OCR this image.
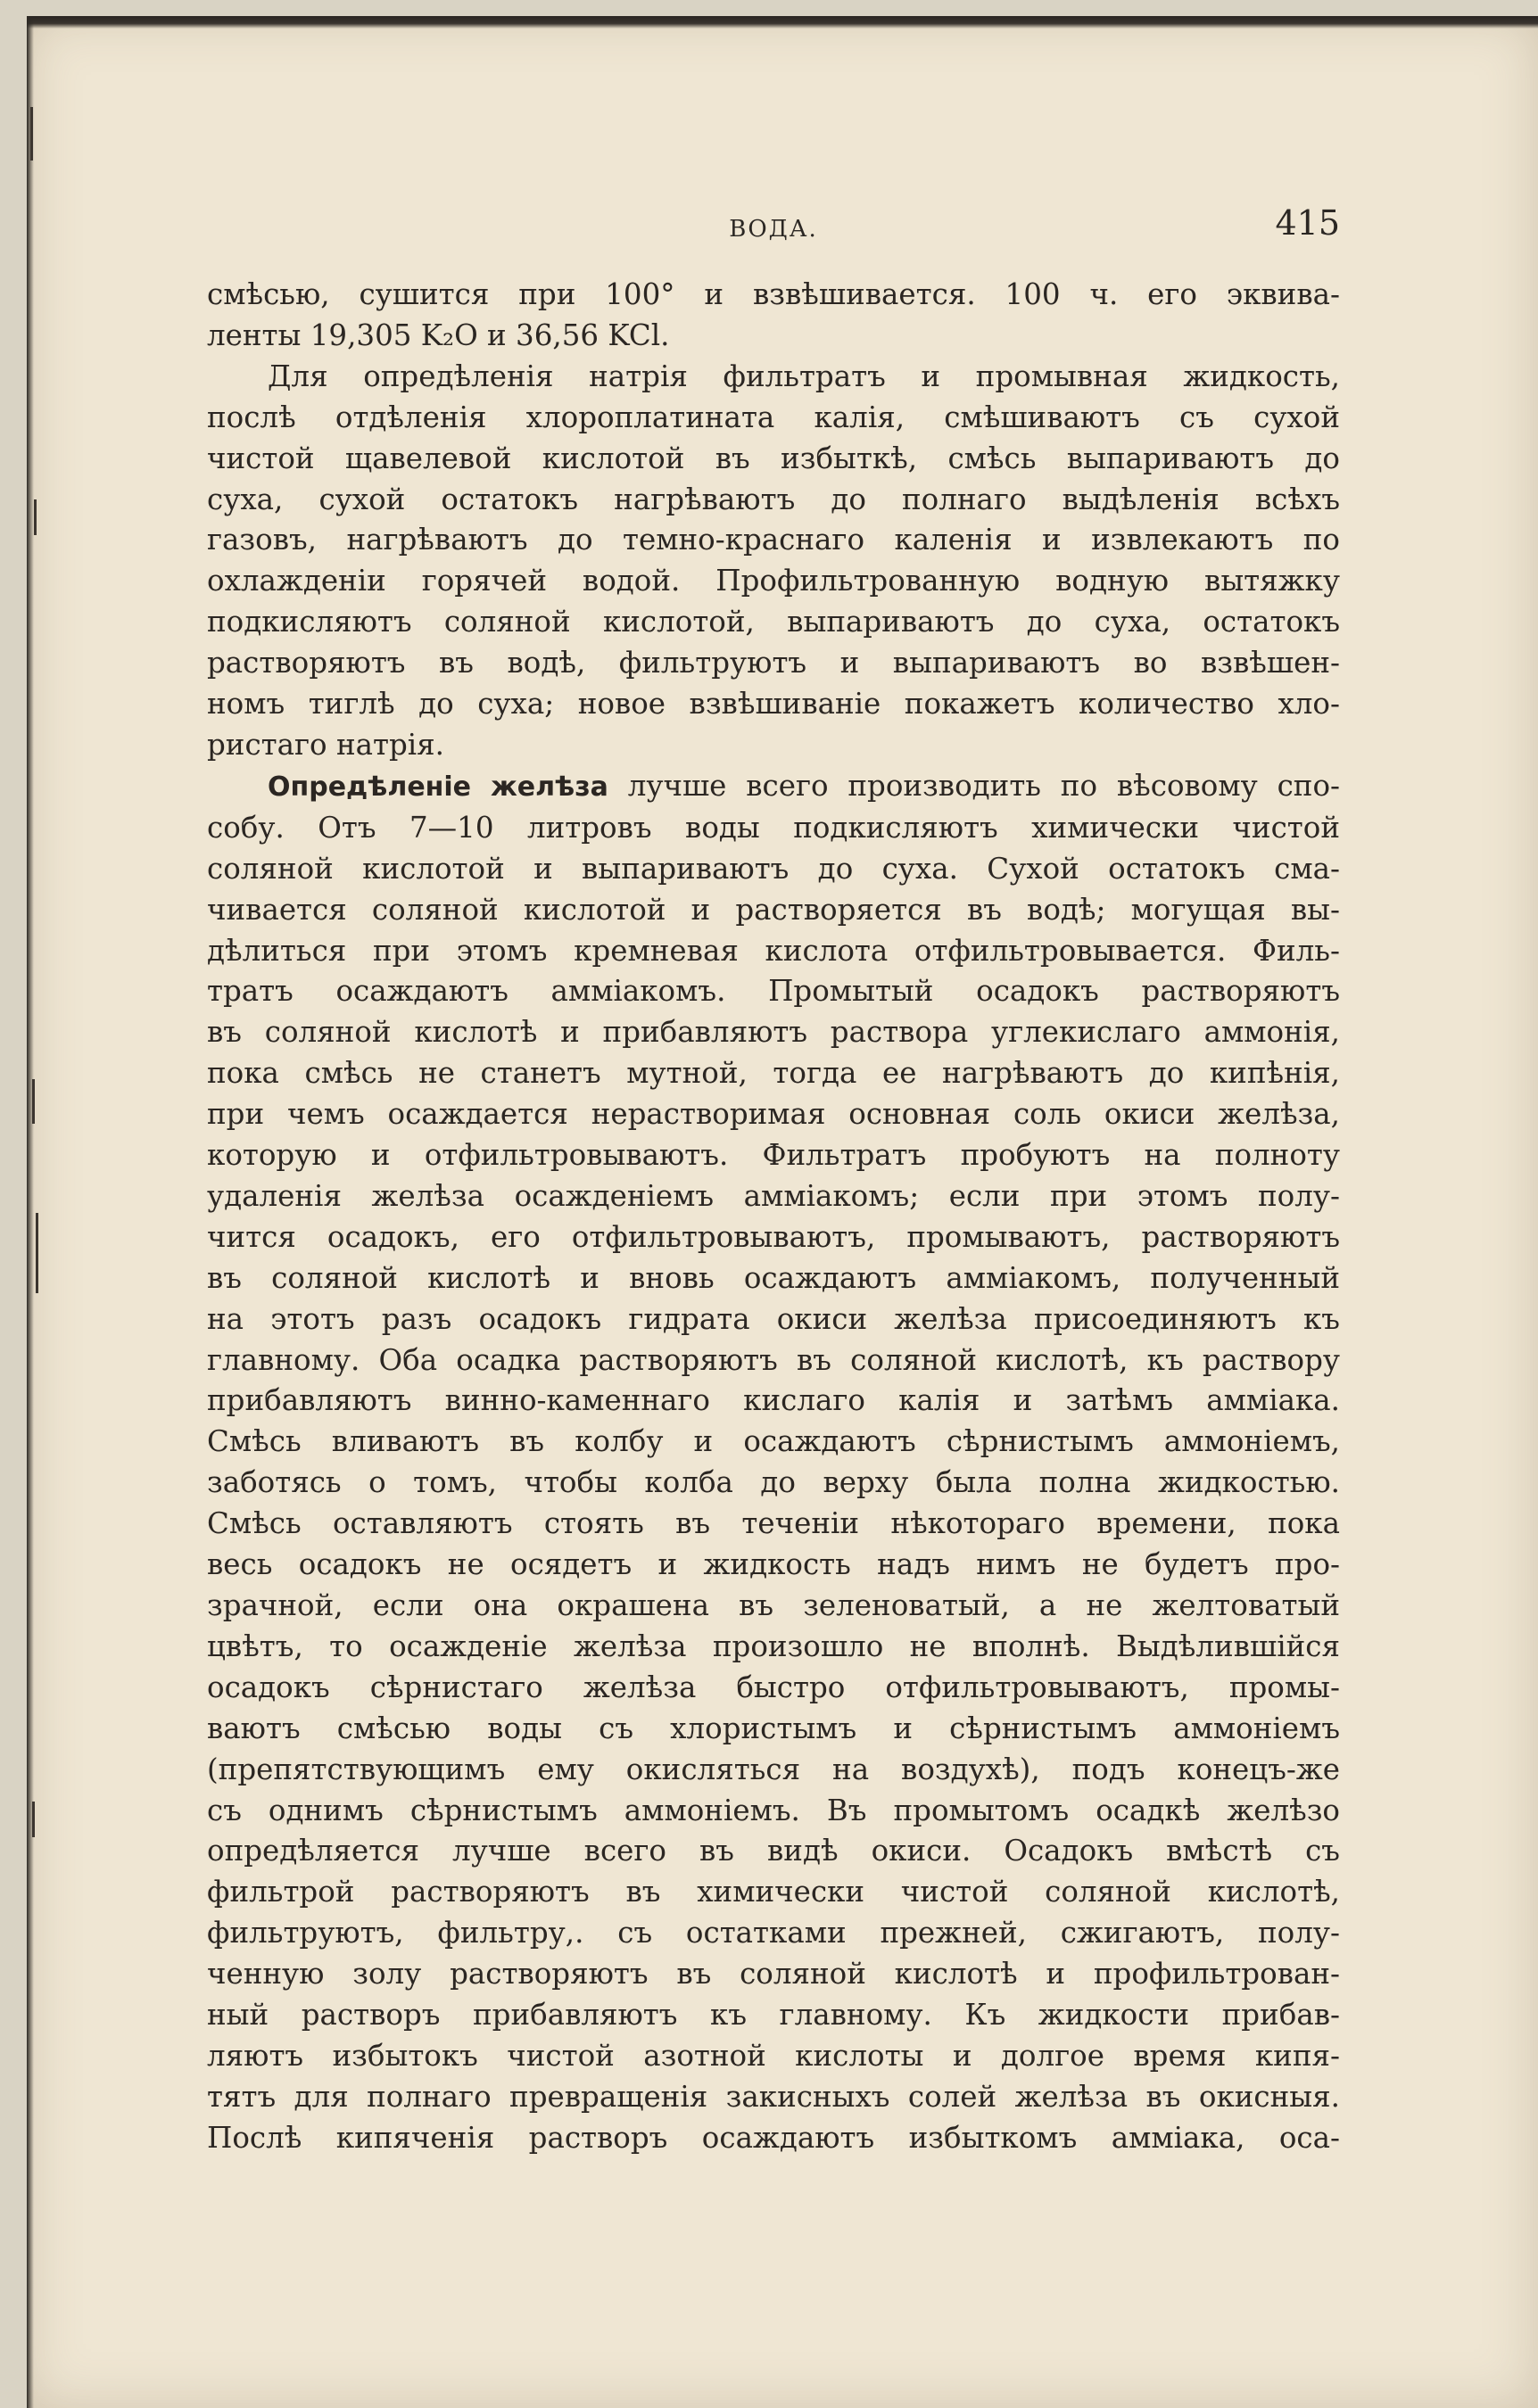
ВОДА.	415
смѣсью, сушится при 100° и взвѣшивается. 100 ч. его эквива-
ленты 19,305 K₂O и 36,56 KCl.
Для опредѣленія натрія фильтратъ и промывная жидкость,
послѣ отдѣленія хлороплатината калія, смѣшиваютъ съ сухой
чистой щавелевой кислотой въ избыткѣ, смѣсь выпариваютъ до
суха, сухой остатокъ нагрѣваютъ до полнаго выдѣленія всѣхъ
газовъ, нагрѣваютъ до темно-краснаго каленія и извлекаютъ по
охлажденіи горячей водой. Профильтрованную водную вытяжку
подкисляютъ соляной кислотой, выпариваютъ до суха, остатокъ
растворяютъ въ водѣ, фильтруютъ и выпариваютъ во взвѣшен-
номъ тиглѣ до суха; новое взвѣшиваніе покажетъ количество хло-
ристаго натрія.
Опредѣленіе желѣза лучше всего производить по вѣсовому спо-
собу. Отъ 7—10 литровъ воды подкисляютъ химически чистой
соляной кислотой и выпариваютъ до суха. Сухой остатокъ сма-
чивается соляной кислотой и растворяется въ водѣ; могущая вы-
дѣлиться при этомъ кремневая кислота отфильтровывается. Филь-
тратъ осаждаютъ амміакомъ. Промытый осадокъ растворяютъ
въ соляной кислотѣ и прибавляютъ раствора углекислаго аммонія,
пока смѣсь не станетъ мутной, тогда ее нагрѣваютъ до кипѣнія,
при чемъ осаждается нерастворимая основная соль окиси желѣза,
которую и отфильтровываютъ. Фильтратъ пробуютъ на полноту
удаленія желѣза осажденіемъ амміакомъ; если при этомъ полу-
чится осадокъ, его отфильтровываютъ, промываютъ, растворяютъ
въ соляной кислотѣ и вновь осаждаютъ амміакомъ, полученный
на этотъ разъ осадокъ гидрата окиси желѣза присоединяютъ къ
главному. Оба осадка растворяютъ въ соляной кислотѣ, къ раствору
прибавляютъ винно-каменнаго кислаго калія и затѣмъ амміака.
Смѣсь вливаютъ въ колбу и осаждаютъ сѣрнистымъ аммоніемъ,
заботясь о томъ, чтобы колба до верху была полна жидкостью.
Смѣсь оставляютъ стоять въ теченіи нѣкотораго времени, пока
весь осадокъ не осядетъ и жидкость надъ нимъ не будетъ про-
зрачной, если она окрашена въ зеленоватый, а не желтоватый
цвѣтъ, то осажденіе желѣза произошло не вполнѣ. Выдѣлившійся
осадокъ сѣрнистаго желѣза быстро отфильтровываютъ, промы-
ваютъ смѣсью воды съ хлористымъ и сѣрнистымъ аммоніемъ
(препятствующимъ ему окисляться на воздухѣ), подъ конецъ-же
съ однимъ сѣрнистымъ аммоніемъ. Въ промытомъ осадкѣ желѣзо
опредѣляется лучше всего въ видѣ окиси. Осадокъ вмѣстѣ съ
фильтрой растворяютъ въ химически чистой соляной кислотѣ,
фильтруютъ, фильтру,. съ остатками прежней, сжигаютъ, полу-
ченную золу растворяютъ въ соляной кислотѣ и профильтрован-
ный растворъ прибавляютъ къ главному. Къ жидкости прибав-
ляютъ избытокъ чистой азотной кислоты и долгое время кипя-
тятъ для полнаго превращенія закисныхъ солей желѣза въ окисныя.
Послѣ кипяченія растворъ осаждаютъ избыткомъ амміака, оса-
